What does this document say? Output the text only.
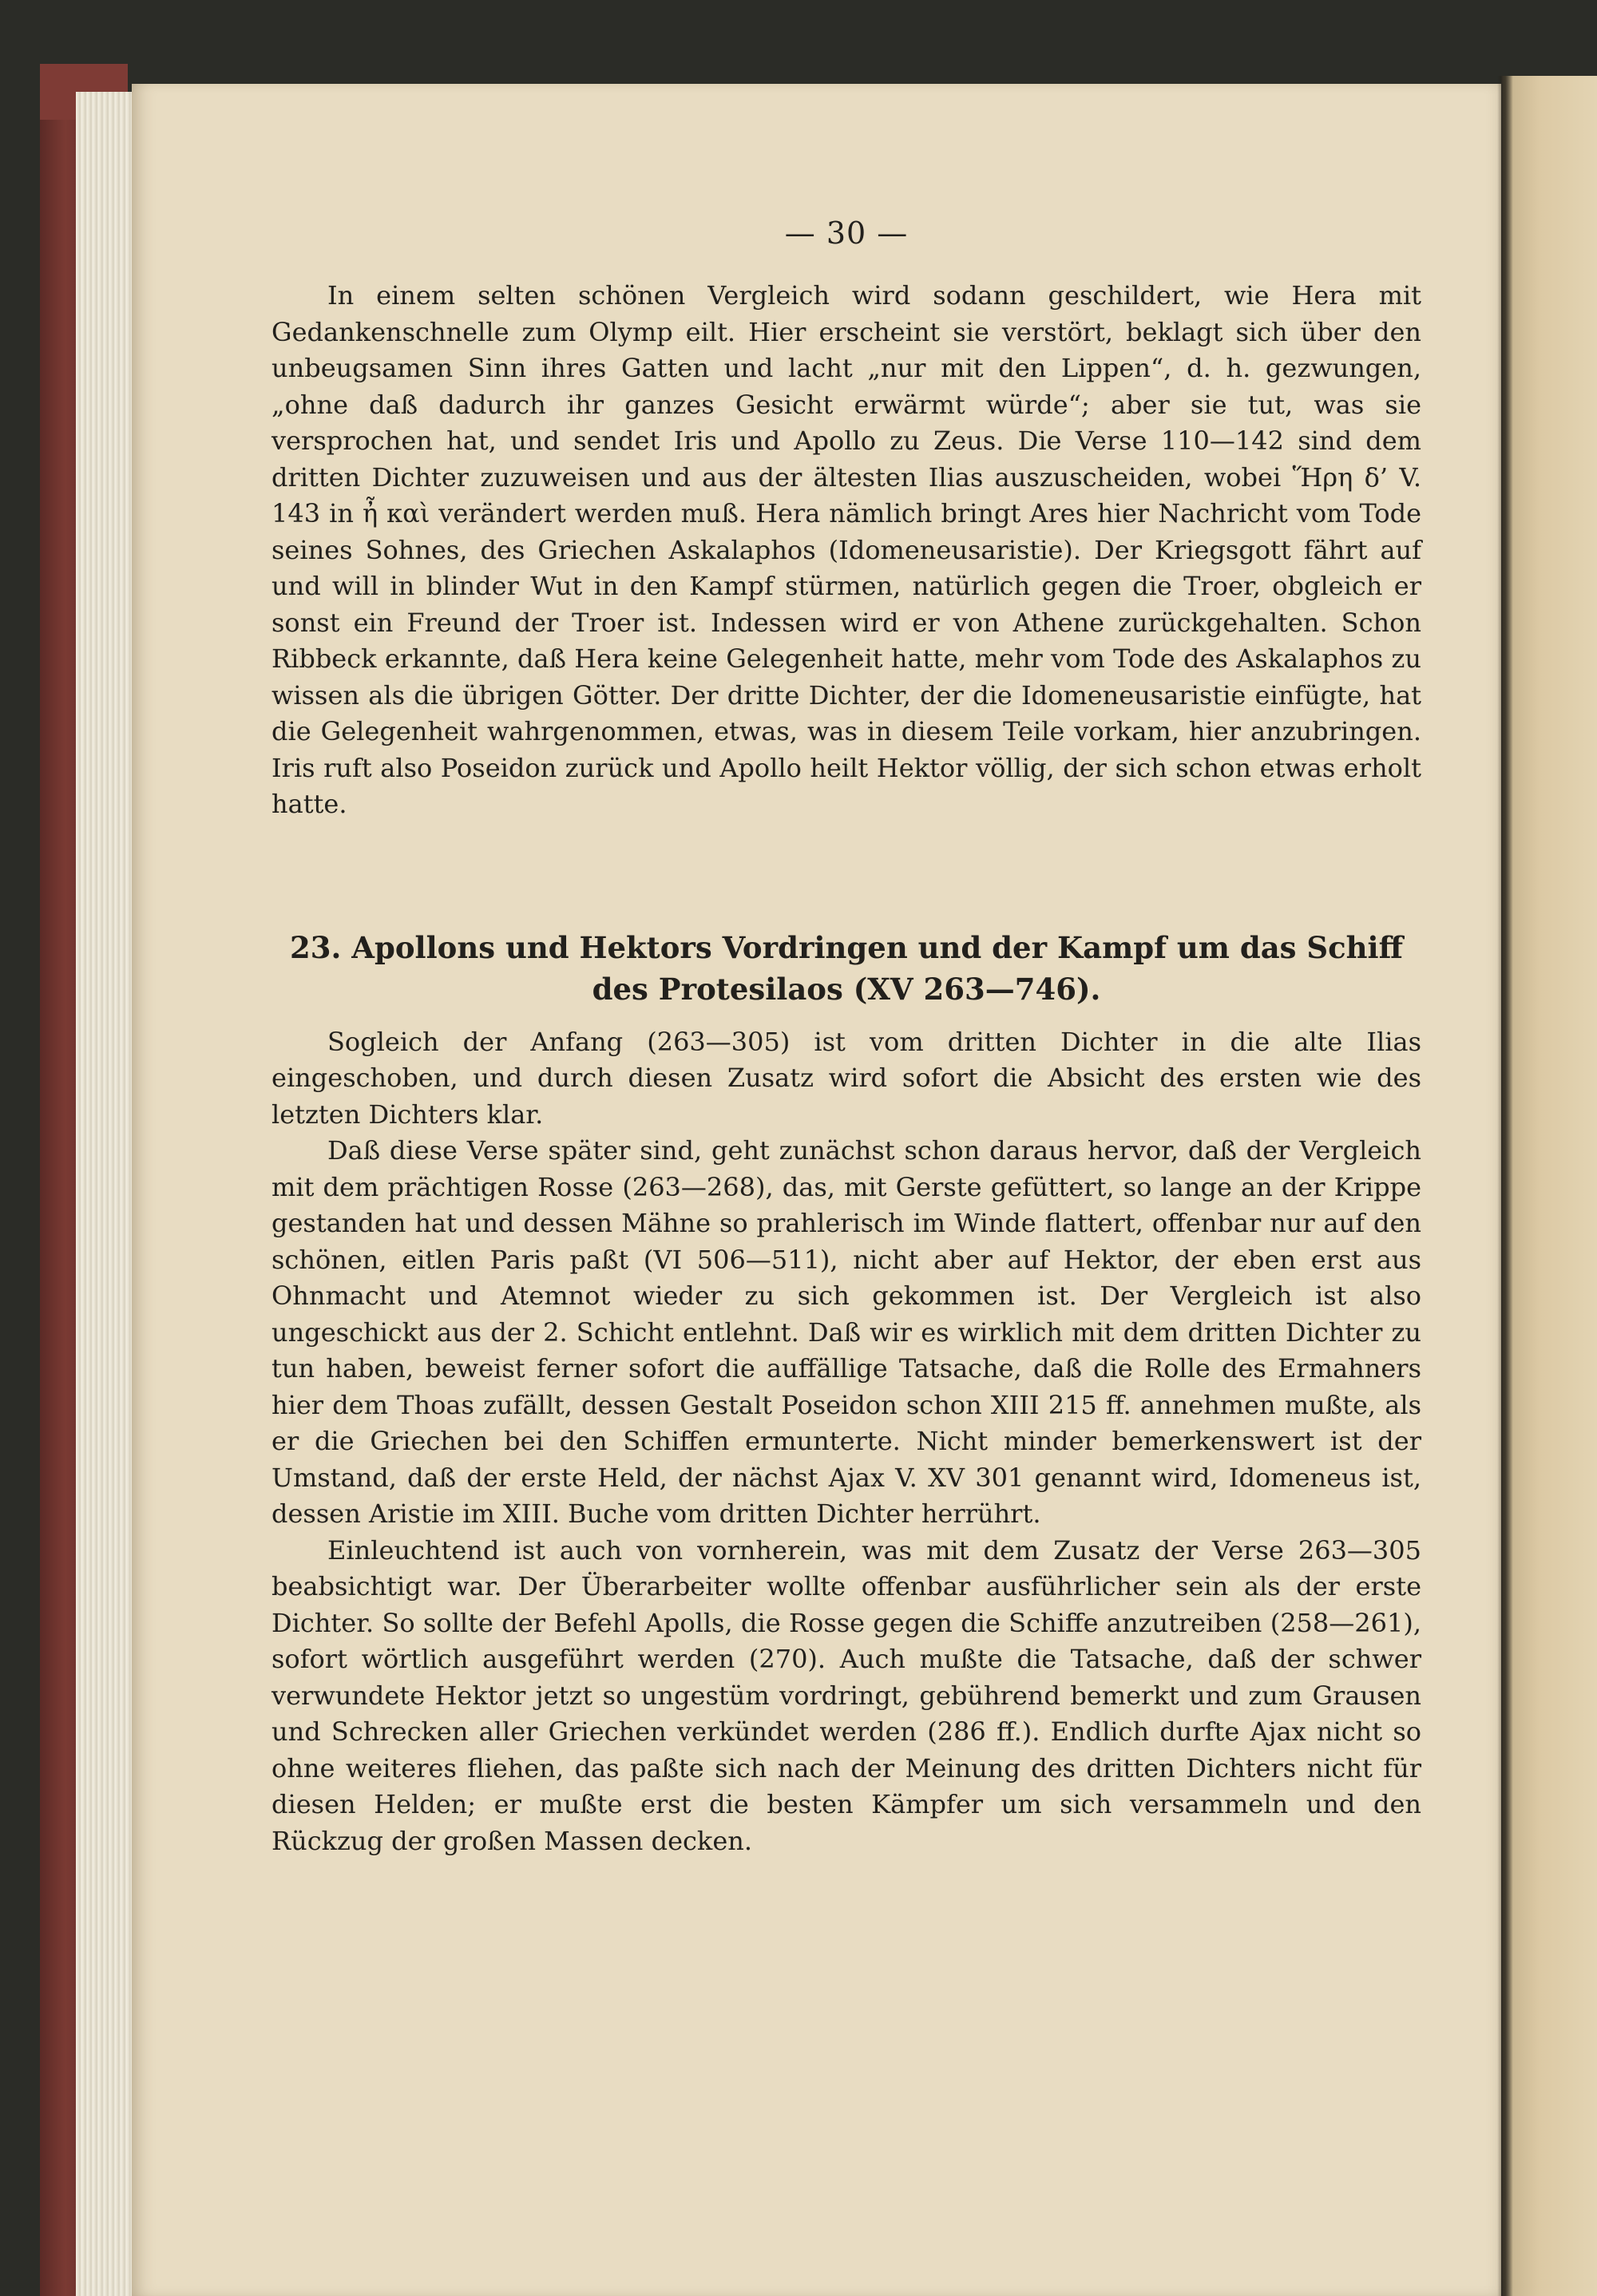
— 30 —

In einem selten schönen Vergleich wird sodann geschildert, wie Hera mit Gedankenschnelle zum Olymp eilt. Hier erscheint sie verstört, beklagt sich über den unbeugsamen Sinn ihres Gatten und lacht „nur mit den Lippen“, d. h. gezwungen, „ohne daß dadurch ihr ganzes Gesicht erwärmt würde“; aber sie tut, was sie versprochen hat, und sendet Iris und Apollo zu Zeus. Die Verse 110—142 sind dem dritten Dichter zuzuweisen und aus der ältesten Ilias auszuscheiden, wobei Ἥρη δ’ V. 143 in ἦ καὶ verändert werden muß. Hera nämlich bringt Ares hier Nachricht vom Tode seines Sohnes, des Griechen Askalaphos (Idomeneusaristie). Der Kriegsgott fährt auf und will in blinder Wut in den Kampf stürmen, natürlich gegen die Troer, obgleich er sonst ein Freund der Troer ist. Indessen wird er von Athene zurückgehalten. Schon Ribbeck erkannte, daß Hera keine Gelegenheit hatte, mehr vom Tode des Askalaphos zu wissen als die übrigen Götter. Der dritte Dichter, der die Idomeneusaristie einfügte, hat die Gelegenheit wahrgenommen, etwas, was in diesem Teile vorkam, hier anzubringen. Iris ruft also Poseidon zurück und Apollo heilt Hektor völlig, der sich schon etwas erholt hatte.

23. Apollons und Hektors Vordringen und der Kampf um das Schiff des Protesilaos (XV 263—746).

Sogleich der Anfang (263—305) ist vom dritten Dichter in die alte Ilias eingeschoben, und durch diesen Zusatz wird sofort die Absicht des ersten wie des letzten Dichters klar.

Daß diese Verse später sind, geht zunächst schon daraus hervor, daß der Vergleich mit dem prächtigen Rosse (263—268), das, mit Gerste gefüttert, so lange an der Krippe gestanden hat und dessen Mähne so prahlerisch im Winde flattert, offenbar nur auf den schönen, eitlen Paris paßt (VI 506—511), nicht aber auf Hektor, der eben erst aus Ohnmacht und Atemnot wieder zu sich gekommen ist. Der Vergleich ist also ungeschickt aus der 2. Schicht entlehnt. Daß wir es wirklich mit dem dritten Dichter zu tun haben, beweist ferner sofort die auffällige Tatsache, daß die Rolle des Ermahners hier dem Thoas zufällt, dessen Gestalt Poseidon schon XIII 215 ff. annehmen mußte, als er die Griechen bei den Schiffen ermunterte. Nicht minder bemerkenswert ist der Umstand, daß der erste Held, der nächst Ajax V. XV 301 genannt wird, Idomeneus ist, dessen Aristie im XIII. Buche vom dritten Dichter herrührt.

Einleuchtend ist auch von vornherein, was mit dem Zusatz der Verse 263—305 beabsichtigt war. Der Überarbeiter wollte offenbar ausführlicher sein als der erste Dichter. So sollte der Befehl Apolls, die Rosse gegen die Schiffe anzutreiben (258—261), sofort wörtlich ausgeführt werden (270). Auch mußte die Tatsache, daß der schwer verwundete Hektor jetzt so ungestüm vordringt, gebührend bemerkt und zum Grausen und Schrecken aller Griechen verkündet werden (286 ff.). Endlich durfte Ajax nicht so ohne weiteres fliehen, das paßte sich nach der Meinung des dritten Dichters nicht für diesen Helden; er mußte erst die besten Kämpfer um sich versammeln und den Rückzug der großen Massen decken.
